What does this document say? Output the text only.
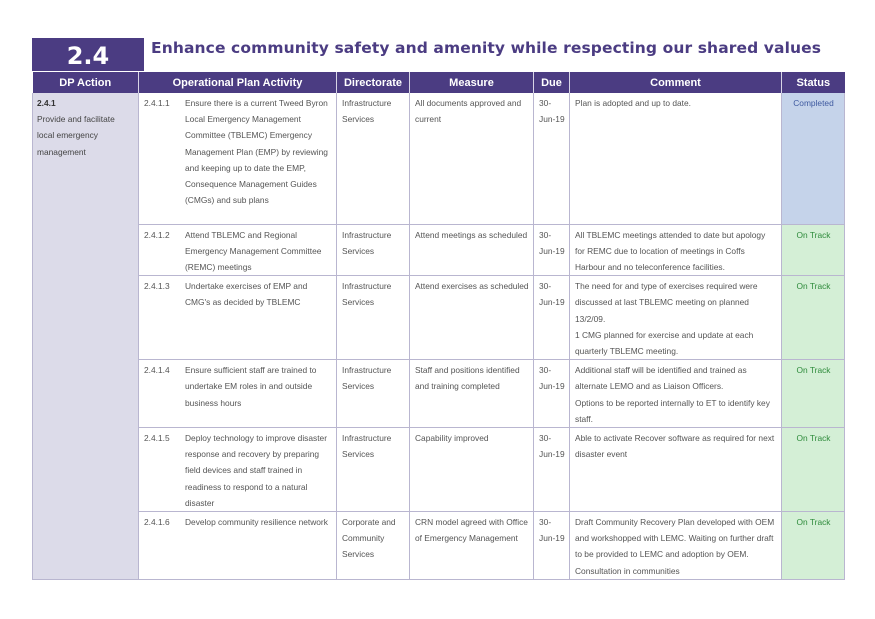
2.4	Enhance community safety and amenity while respecting our shared values
DP Action	Operational Plan Activity	Directorate	Measure	Due	Comment	Status

2.4.1
Provide and facilitate local emergency management	2.4.1.1 Ensure there is a current Tweed Byron Local Emergency Management Committee (TBLEMC) Emergency Management Plan (EMP) by reviewing and keeping up to date the EMP, Consequence Management Guides (CMGs) and sub plans	Infrastructure Services	All documents approved and current	30-Jun-19	Plan is adopted and up to date.	Completed

	2.4.1.2 Attend TBLEMC and Regional Emergency Management Committee (REMC) meetings	Infrastructure Services	Attend meetings as scheduled	30-Jun-19	All TBLEMC meetings attended to date but apology for REMC due to location of meetings in Coffs Harbour and no teleconference facilities.	On Track

	2.4.1.3 Undertake exercises of EMP and CMG's as decided by TBLEMC	Infrastructure Services	Attend exercises as scheduled	30-Jun-19	The need for and type of exercises required were discussed at last TBLEMC meeting on planned 13/2/09.
1 CMG planned for exercise and update at each quarterly TBLEMC meeting.	On Track

	2.4.1.4 Ensure sufficient staff are trained to undertake EM roles in and outside business hours	Infrastructure Services	Staff and positions identified and training completed	30-Jun-19	Additional staff will be identified and trained as alternate LEMO and as Liaison Officers.
Options to be reported internally to ET to identify key staff.	On Track

	2.4.1.5 Deploy technology to improve disaster response and recovery by preparing field devices and staff trained in readiness to respond to a natural disaster	Infrastructure Services	Capability improved	30-Jun-19	Able to activate Recover software as required for next disaster event	On Track

	2.4.1.6 Develop community resilience network	Corporate and Community Services	CRN model agreed with Office of Emergency Management	30-Jun-19	Draft Community Recovery Plan developed with OEM and workshopped with LEMC. Waiting on further draft to be provided to LEMC and adoption by OEM. Consultation in communities	On Track
